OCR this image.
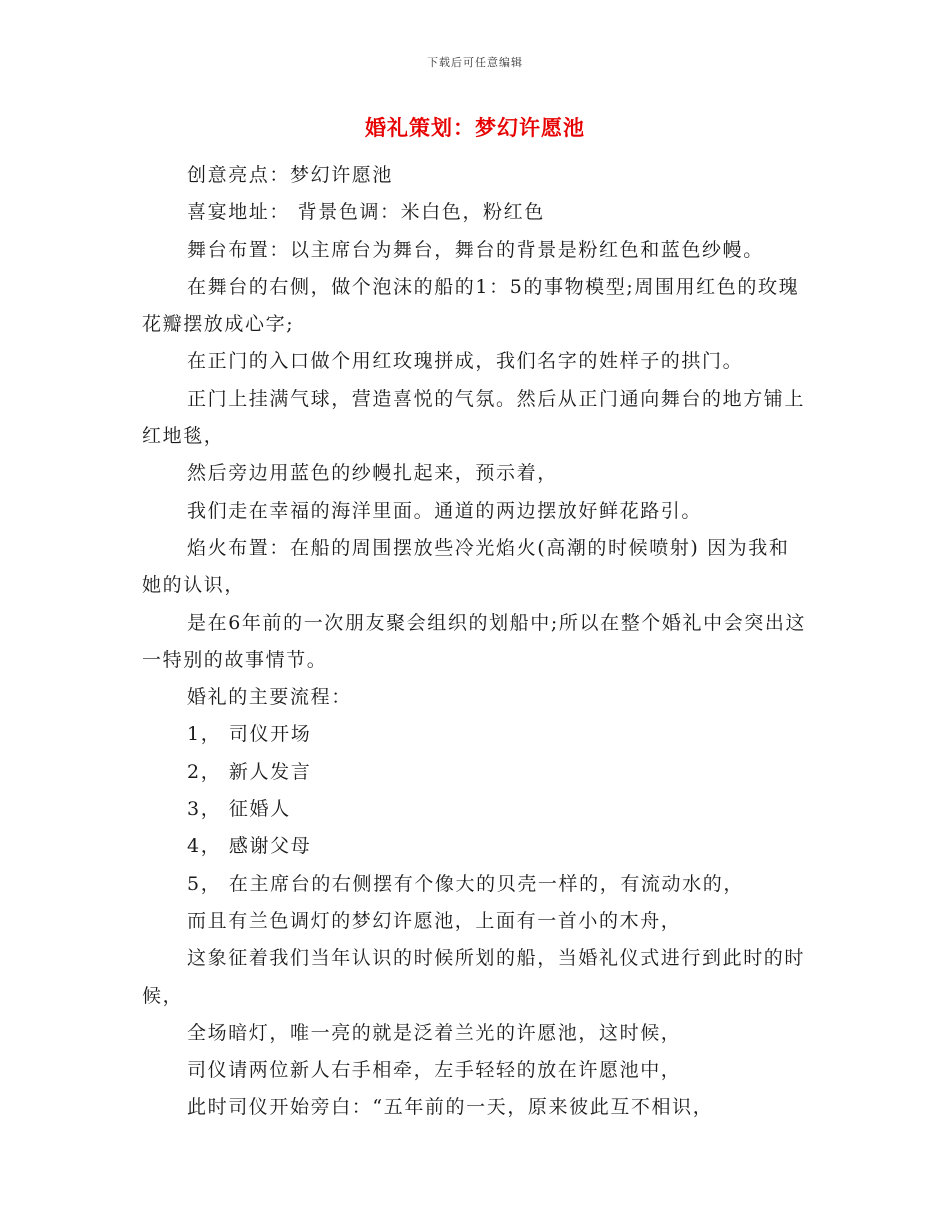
下载后可任意编辑
婚礼策划：梦幻许愿池

创意亮点：梦幻许愿池

喜宴地址： 背景色调：米白色，粉红色

舞台布置：以主席台为舞台，舞台的背景是粉红色和蓝色纱幔。

在舞台的右侧，做个泡沫的船的1：5的事物模型;周围用红色的玫瑰花瓣摆放成心字;

在正门的入口做个用红玫瑰拼成，我们名字的姓样子的拱门。

正门上挂满气球，营造喜悦的气氛。然后从正门通向舞台的地方铺上红地毯，

然后旁边用蓝色的纱幔扎起来，预示着，

我们走在幸福的海洋里面。通道的两边摆放好鲜花路引。

焰火布置：在船的周围摆放些冷光焰火(高潮的时候喷射) 因为我和她的认识，

是在6年前的一次朋友聚会组织的划船中;所以在整个婚礼中会突出这一特别的故事情节。

婚礼的主要流程：

1， 司仪开场

2， 新人发言

3， 征婚人

4， 感谢父母

5， 在主席台的右侧摆有个像大的贝壳一样的，有流动水的，

而且有兰色调灯的梦幻许愿池，上面有一首小的木舟，

这象征着我们当年认识的时候所划的船，当婚礼仪式进行到此时的时候，

全场暗灯，唯一亮的就是泛着兰光的许愿池，这时候，

司仪请两位新人右手相牵，左手轻轻的放在许愿池中，

此时司仪开始旁白：“五年前的一天，原来彼此互不相识，
